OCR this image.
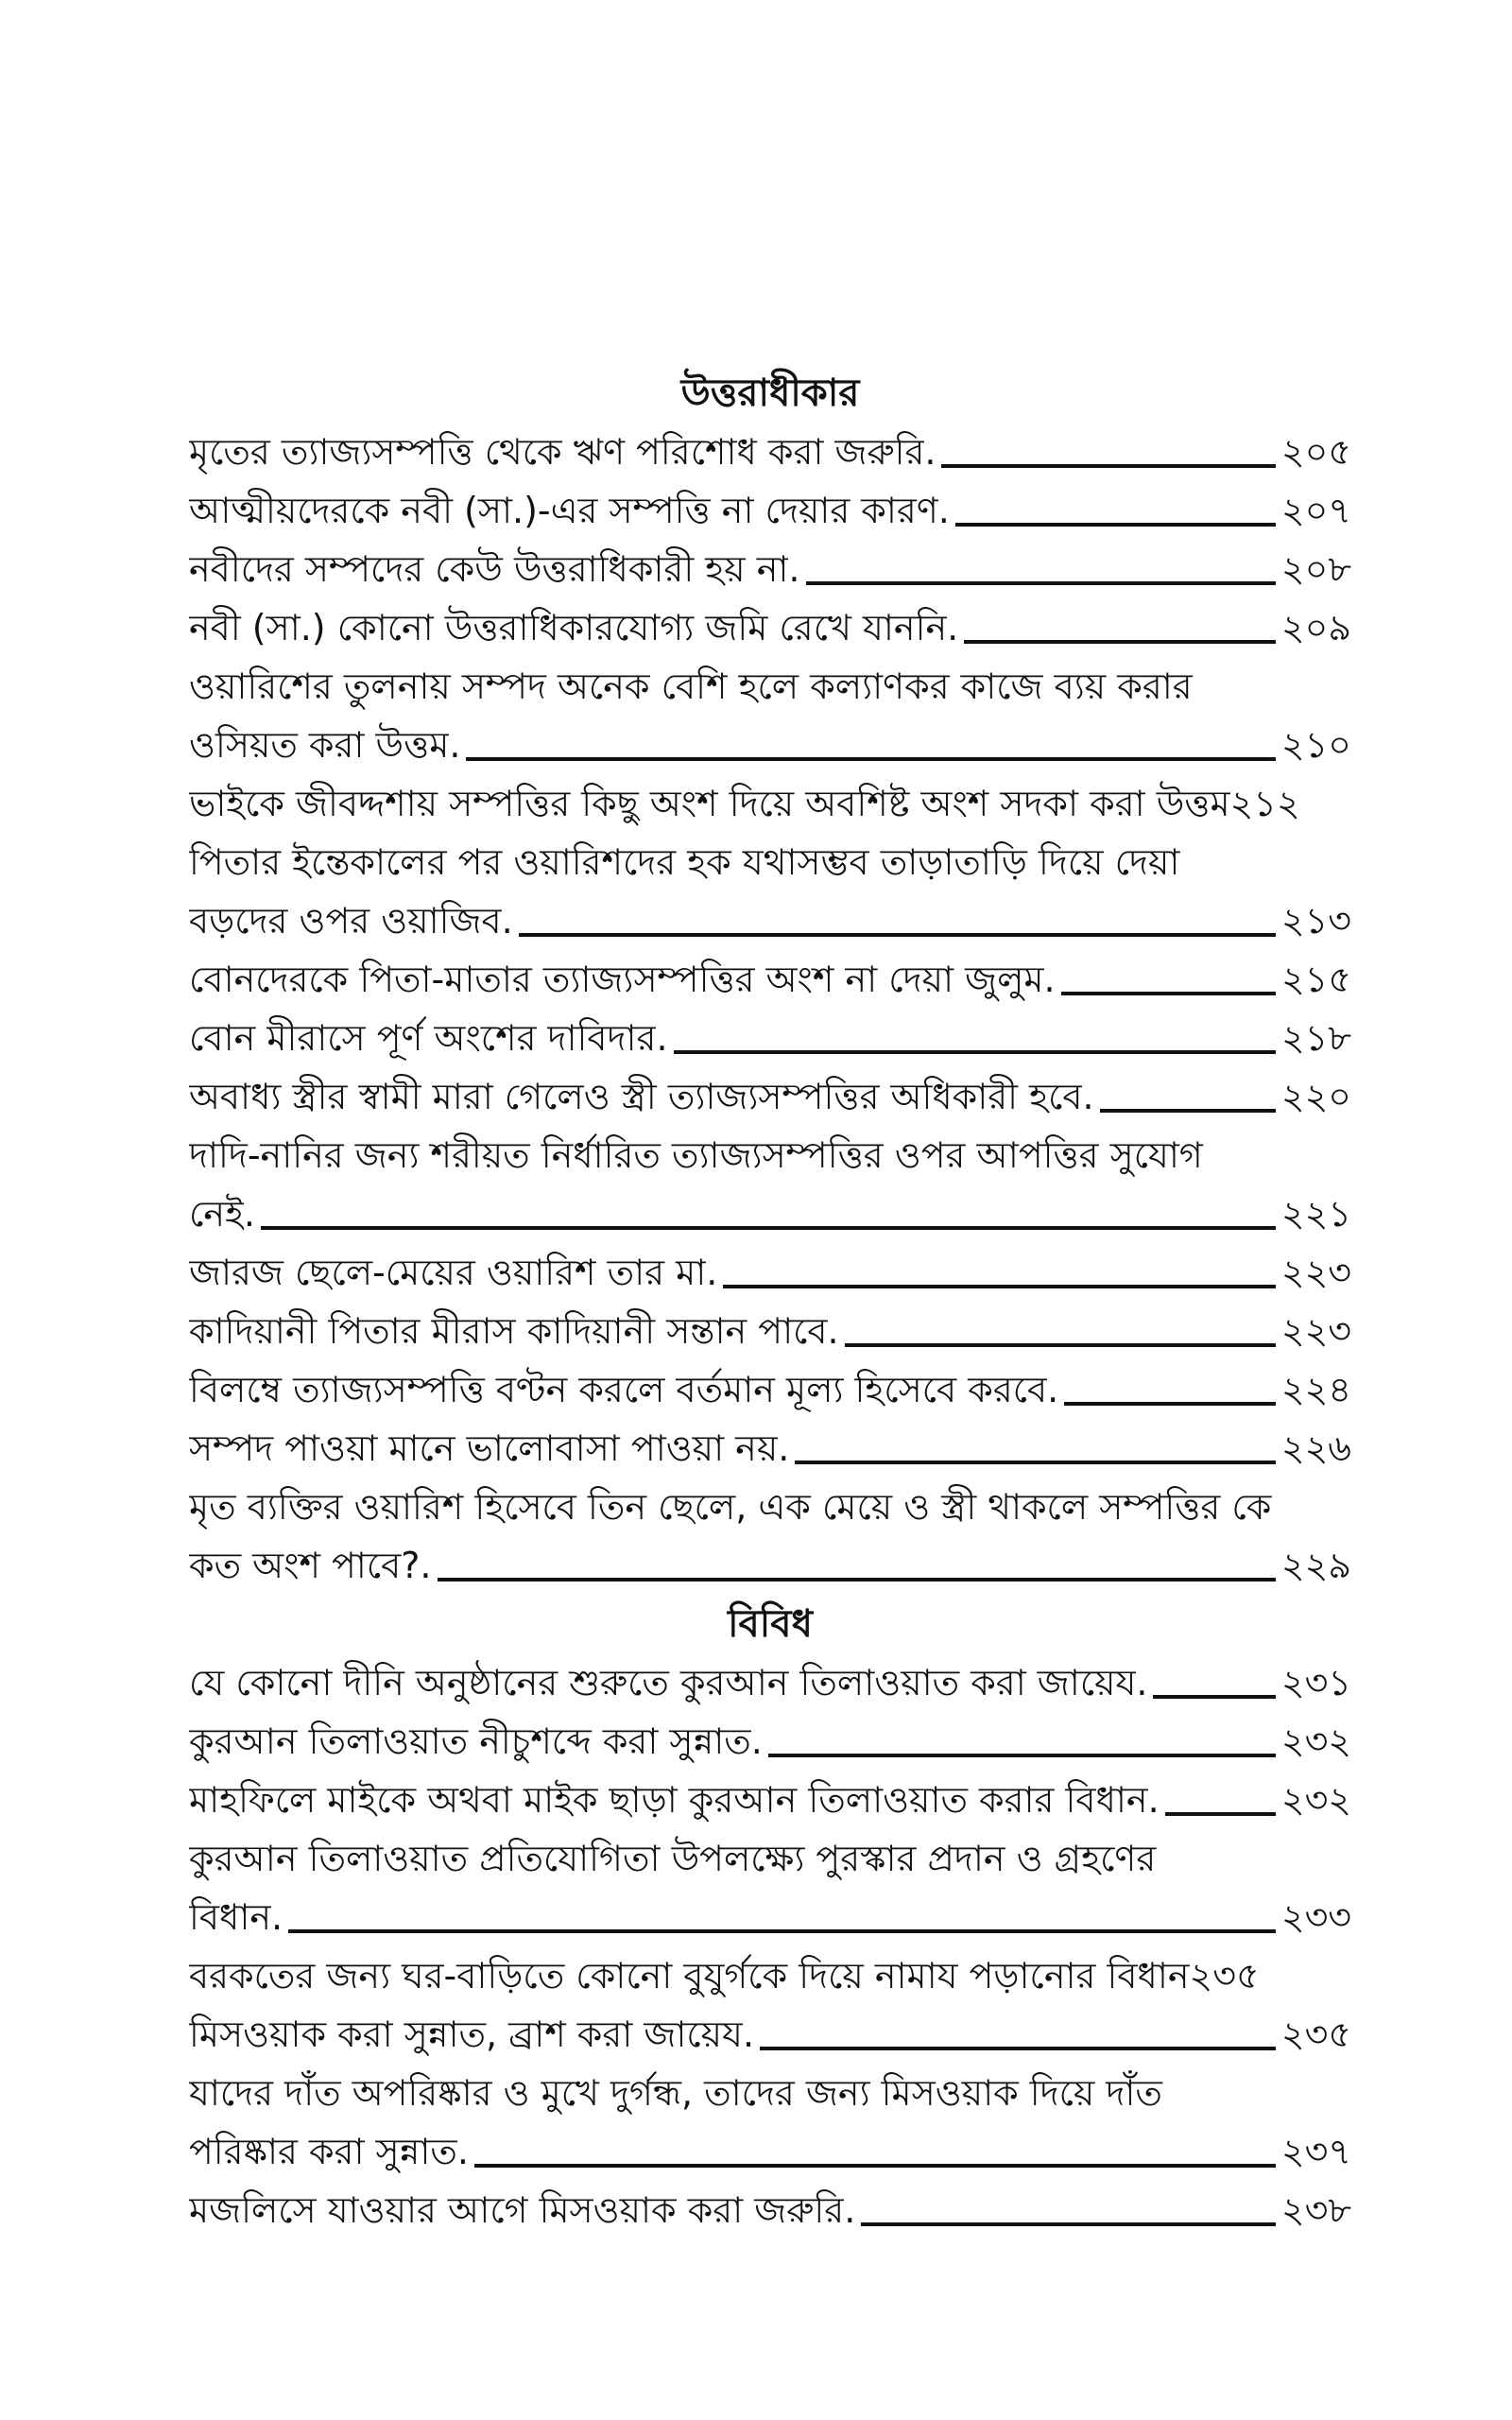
উত্তরাধীকার
মৃতের ত্যাজ্যসম্পত্তি থেকে ঋণ পরিশোধ করা জরুরি .	২০৫
আত্মীয়দেরকে নবী (সা.)-এর সম্পত্তি না দেয়ার কারণ .	২০৭
নবীদের সম্পদের কেউ উত্তরাধিকারী হয় না .	২০৮
নবী (সা.) কোনো উত্তরাধিকারযোগ্য জমি রেখে যাননি .	২০৯
ওয়ারিশের তুলনায় সম্পদ অনেক বেশি হলে কল্যাণকর কাজে ব্যয় করার
ওসিয়ত করা উত্তম .	২১০
ভাইকে জীবদ্দশায় সম্পত্তির কিছু অংশ দিয়ে অবশিষ্ট অংশ সদকা করা উত্তম ২১২
পিতার ইন্তেকালের পর ওয়ারিশদের হক যথাসম্ভব তাড়াতাড়ি দিয়ে দেয়া
বড়দের ওপর ওয়াজিব .	২১৩
বোনদেরকে পিতা-মাতার ত্যাজ্যসম্পত্তির অংশ না দেয়া জুলুম .	২১৫
বোন মীরাসে পূর্ণ অংশের দাবিদার .	২১৮
অবাধ্য স্ত্রীর স্বামী মারা গেলেও স্ত্রী ত্যাজ্যসম্পত্তির অধিকারী হবে .	২২০
দাদি-নানির জন্য শরীয়ত নির্ধারিত ত্যাজ্যসম্পত্তির ওপর আপত্তির সুযোগ
নেই .	২২১
জারজ ছেলে-মেয়ের ওয়ারিশ তার মা .	২২৩
কাদিয়ানী পিতার মীরাস কাদিয়ানী সন্তান পাবে .	২২৩
বিলম্বে ত্যাজ্যসম্পত্তি বণ্টন করলে বর্তমান মূল্য হিসেবে করবে .	২২৪
সম্পদ পাওয়া মানে ভালোবাসা পাওয়া নয় .	২২৬
মৃত ব্যক্তির ওয়ারিশ হিসেবে তিন ছেলে, এক মেয়ে ও স্ত্রী থাকলে সম্পত্তির কে
কত অংশ পাবে? .	২২৯
বিবিধ
যে কোনো দীনি অনুষ্ঠানের শুরুতে কুরআন তিলাওয়াত করা জায়েয .	২৩১
কুরআন তিলাওয়াত নীচুশব্দে করা সুন্নাত .	২৩২
মাহফিলে মাইকে অথবা মাইক ছাড়া কুরআন তিলাওয়াত করার বিধান .	২৩২
কুরআন তিলাওয়াত প্রতিযোগিতা উপলক্ষ্যে পুরস্কার প্রদান ও গ্রহণের
বিধান .	২৩৩
বরকতের জন্য ঘর-বাড়িতে কোনো বুযুর্গকে দিয়ে নামায পড়ানোর বিধান ২৩৫
মিসওয়াক করা সুন্নাত, ব্রাশ করা জায়েয .	২৩৫
যাদের দাঁত অপরিষ্কার ও মুখে দুর্গন্ধ, তাদের জন্য মিসওয়াক দিয়ে দাঁত
পরিষ্কার করা সুন্নাত .	২৩৭
মজলিসে যাওয়ার আগে মিসওয়াক করা জরুরি .	২৩৮
